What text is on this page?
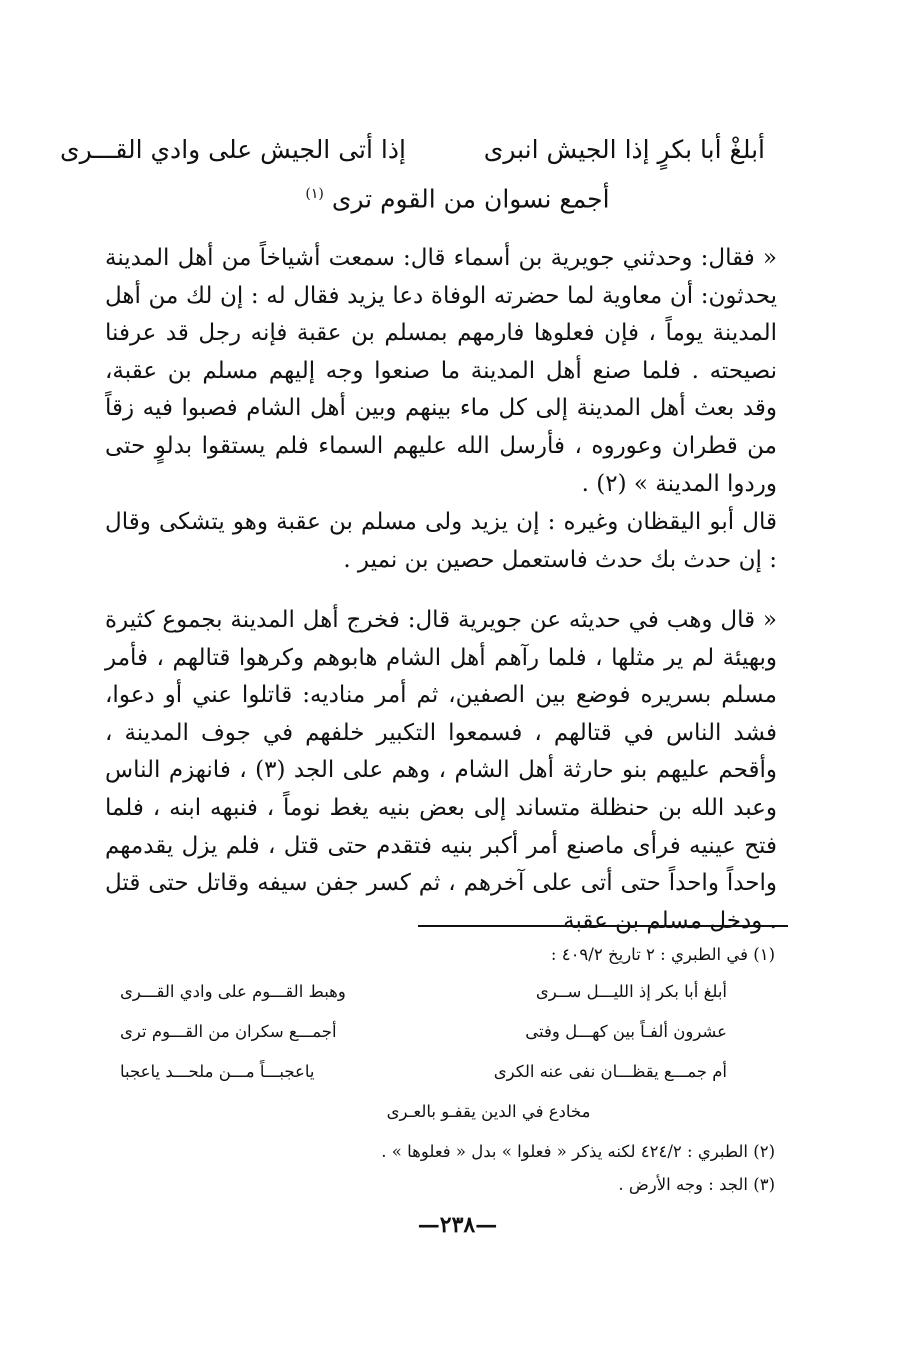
أبلغْ أبا بكرٍ إذا الجيش انبرى
إذا أتى الجيش على وادي القـــرى
أجمع نسوان من القوم ترى $^{(١)}$

« فقال: وحدثني جويرية بن أسماء قال: سمعت أشياخاً من أهل المدينة يحدثون: أن معاوية لما حضرته الوفاة دعا يزيد فقال له : إن لك من أهل المدينة يوماً ، فإن فعلوها فارمهم بمسلم بن عقبة فإنه رجل قد عرفنا نصيحته . فلما صنع أهل المدينة ما صنعوا وجه إليهم مسلم بن عقبة، وقد بعث أهل المدينة إلى كل ماء بينهم وبين أهل الشام فصبوا فيه زقاً من قطران وعوروه ، فأرسل الله عليهم السماء فلم يستقوا بدلوٍ حتى وردوا المدينة » (٢) .

قال أبو اليقظان وغيره : إن يزيد ولى مسلم بن عقبة وهو يتشكى وقال : إن حدث بك حدث فاستعمل حصين بن نمير .

« قال وهب في حديثه عن جويرية قال: فخرج أهل المدينة بجموع كثيرة وبهيئة لم ير مثلها ، فلما رآهم أهل الشام هابوهم وكرهوا قتالهم ، فأمر مسلم بسريره فوضع بين الصفين، ثم أمر مناديه: قاتلوا عني أو دعوا، فشد الناس في قتالهم ، فسمعوا التكبير خلفهم في جوف المدينة ، وأقحم عليهم بنو حارثة أهل الشام ، وهم على الجد (٣) ، فانهزم الناس وعبد الله بن حنظلة متساند إلى بعض بنيه يغط نوماً ، فنبهه ابنه ، فلما فتح عينيه فرأى ماصنع أمر أكبر بنيه فتقدم حتى قتل ، فلم يزل يقدمهم واحداً واحداً حتى أتى على آخرهم ، ثم كسر جفن سيفه وقاتل حتى قتل . ودخل مسلم بن عقبة

(١) في الطبري : ٢ تاريخ ٤٠٩/٢ :
أبلغ أبا بكر إذ الليـــل ســرى
وهبط القـــوم على وادي القـــرى
عشرون ألفـاً بين كهـــل وفتى
أجمـــع سكران من القـــوم ترى
أم جمـــع يقظـــان نفى عنه الكرى
ياعجبـــاً مـــن ملحـــد ياعجبا
مخادع في الدين يقفـو بالعـرى
(٢) الطبري : ٤٢٤/٢ لكنه يذكر « فعلوا » بدل « فعلوها » .
(٣) الجد : وجه الأرض .
—٢٣٨—
